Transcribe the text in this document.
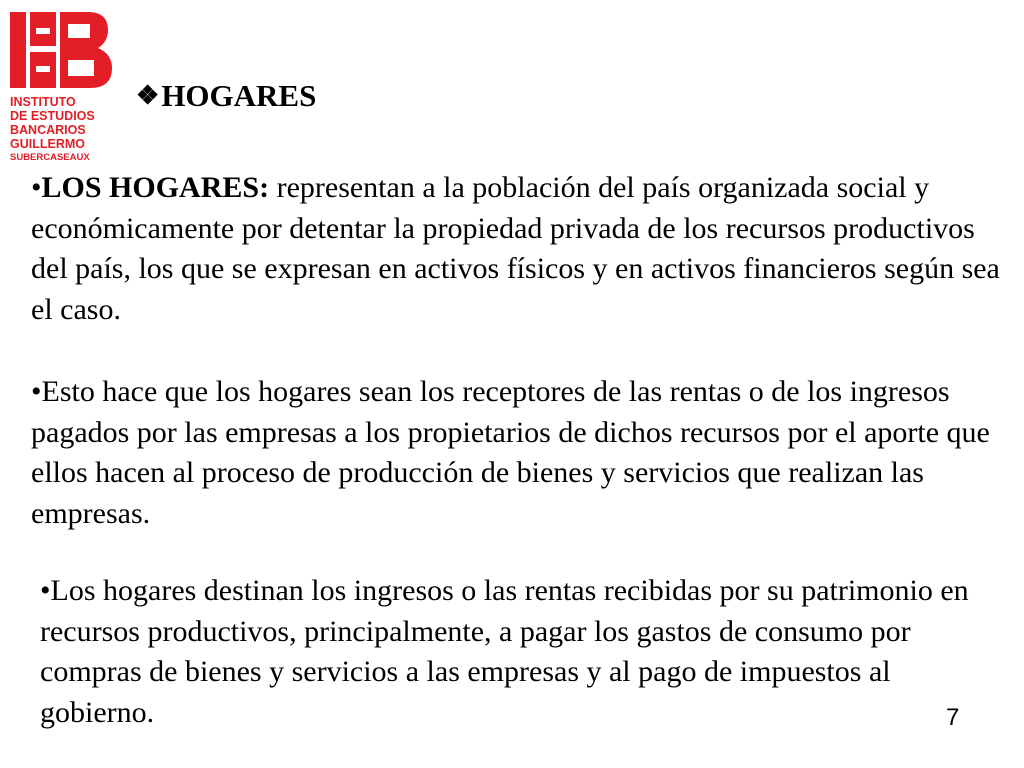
INSTITUTO
DE ESTUDIOS
BANCARIOS
GUILLERMO
SUBERCASEAUX
❖HOGARES

•LOS HOGARES: representan a la población del país organizada social y económicamente por detentar la propiedad privada de los recursos productivos del país, los que se expresan en activos físicos y en activos financieros según sea el caso.

•Esto hace que los hogares sean los receptores de las rentas o de los ingresos pagados por las empresas a los propietarios de dichos recursos por el aporte que ellos hacen al proceso de producción de bienes y servicios que realizan las empresas.

•Los hogares destinan los ingresos o las rentas recibidas por su patrimonio en recursos productivos, principalmente, a pagar los gastos de consumo por compras de bienes y servicios a las empresas y al pago de impuestos al gobierno.	7
